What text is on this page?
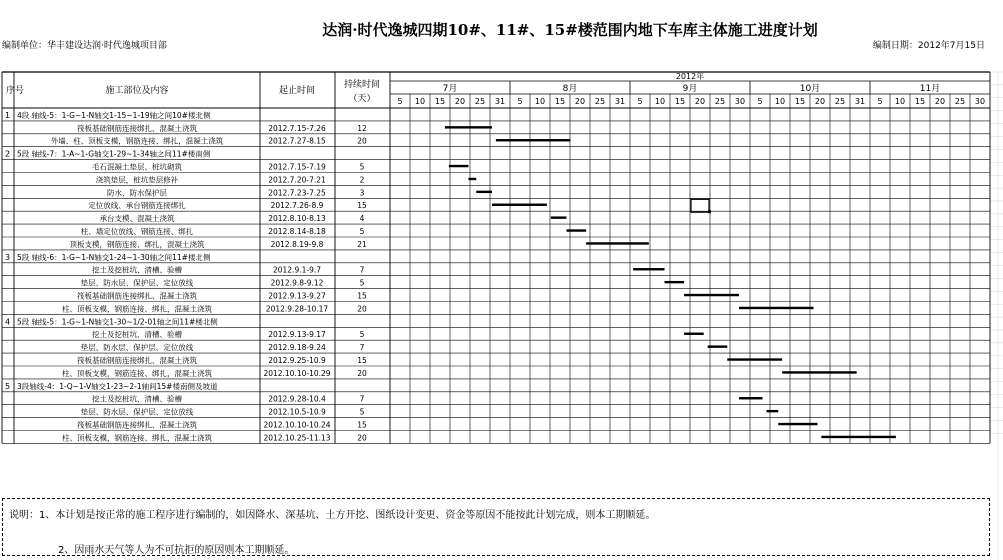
达润·时代逸城四期10#、11#、15#楼范围内地下车库主体施工进度计划
编制单位：华丰建设达润·时代逸城项目部	编制日期：2012年7月15日
序号	施工部位及内容	起止时间
持续时间
（天）
2012年
7月	8月	9月	10月	11月
5 10 15 20 25 31 5 10 15 20 25 31 5 10 15 20 25 30 5 10 15 20 25 31 5 10 15 20 25 30
1 4段 轴线-5：1-G~1-N轴交1-15~1-19轴之间10#楼北侧
筏板基础钢筋连接绑扎、混凝土浇筑	2012.7.15-7.26	12
外墙、柱、顶板支模，钢筋连接、绑扎，混凝土浇筑	2012.7.27-8.15	20
2 5段 轴线-7：1-A~1-G轴交1-29~1-34轴之间11#楼南侧
毛石混凝土垫层、桩坑砌筑	2012.7.15-7.19	5
浇筑垫层，桩坑垫层修补	2012.7.20-7.21	2
防水、防水保护层	2012.7.23-7.25	3
定位放线、承台钢筋连接绑扎	2012.7.26-8.9	15
承台支模、混凝土浇筑	2012.8.10-8.13	4
柱、墙定位放线、钢筋连接、绑扎	2012.8.14-8.18	5
顶板支模，钢筋连接、绑扎，混凝土浇筑	2012.8.19-9.8	21
3 5段 轴线-6：1-G~1-N轴交1-24~1-30轴之间11#楼北侧
挖土及挖桩坑、清槽、验槽	2012.9.1-9.7	7
垫层、防水层、保护层、定位放线	2012.9.8-9.12	5
筏板基础钢筋连接绑扎、混凝土浇筑	2012.9.13-9.27	15
柱、顶板支模，钢筋连接、绑扎，混凝土浇筑	2012.9.28-10.17	20
4 5段 轴线-5：1-G~1-N轴交1-30~1/2-01轴之间11#楼北侧
挖土及挖桩坑、清槽、验槽	2012.9.13-9.17	5
垫层、防水层、保护层、定位放线	2012.9.18-9.24	7
筏板基础钢筋连接绑扎、混凝土浇筑	2012.9.25-10.9	15
柱、顶板支模，钢筋连接、绑扎，混凝土浇筑	2012.10.10-10.29	20
5 3段轴线-4：1-Q~1-V轴交1-23~2-1轴间15#楼南侧及坡道
挖土及挖桩坑、清槽、验槽	2012.9.28-10.4	7
垫层、防水层、保护层、定位放线	2012.10.5-10.9	5
筏板基础钢筋连接绑扎、混凝土浇筑	2012.10.10-10.24	15
柱、顶板支模，钢筋连接、绑扎，混凝土浇筑	2012.10.25-11.13	20
说明：1、本计划是按正常的施工程序进行编制的，如因降水、深基坑、土方开挖、图纸设计变更、资金等原因不能按此计划完成，则本工期顺延。
2、因雨水天气等人为不可抗拒的原因则本工期顺延。
